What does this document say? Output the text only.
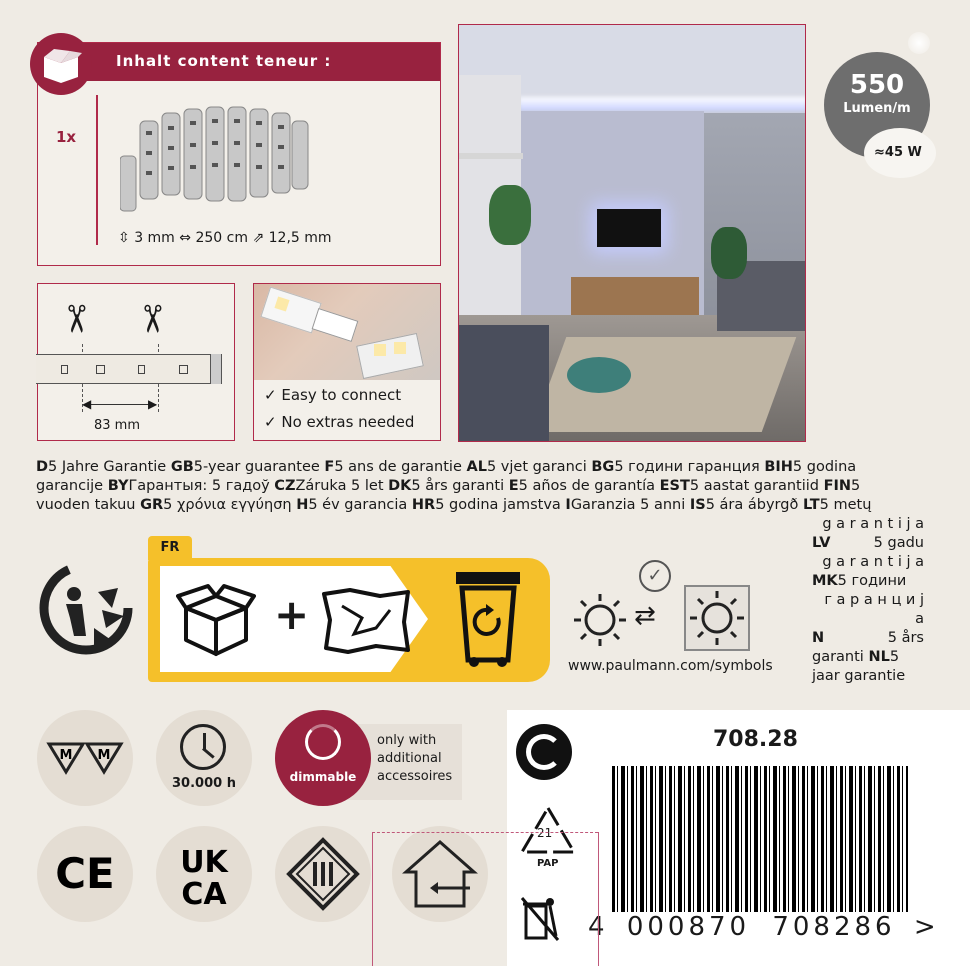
Inhalt content teneur :
1x
⇳ 3 mm ⇔ 250 cm ⇗ 12,5 mm
✂ ✂
◀	▶
83 mm
✓ Easy to connect
✓ No extras needed
550
Lumen/m
≈45 W
D5 Jahre Garantie GB5-year guarantee F5 ans de garantie AL5 vjet garanci BG5 години гаранция BIH5 godina
garancije BYГарантыя: 5 гадоў CZZáruka 5 let DK5 års garanti E5 años de garantía EST5 aastat garantiid FIN5
vuoden takuu GR5 χρόνια εγγύηση H5 év garancia HR5 godina jamstva IGaranzia 5 anni IS5 ára ábyrgð LT5 metų
g a r a n t i j a
LV	5 gadu
g a r a n t i j a
MK5 години
г а р а н ц и ј а
N	5 års
garanti NL5
jaar garantie
FR
+
✓
⇄
www.paulmann.com/symbols
M M
30.000 h	dimmable
only with
additional
accessoires
CE UK
CA
21
PAP
708.28
4 000870 708286 >
